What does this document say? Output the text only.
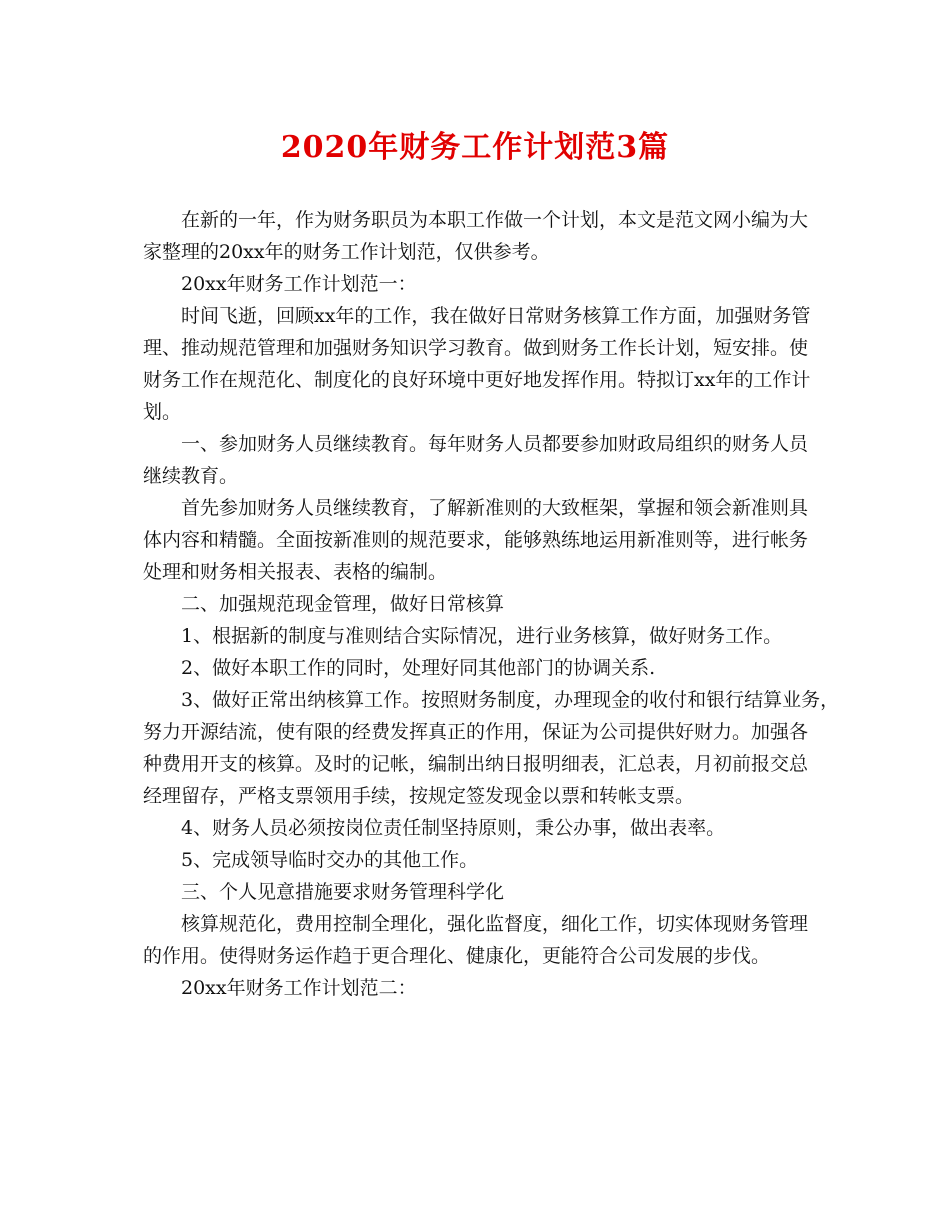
2020年财务工作计划范3篇
在新的一年，作为财务职员为本职工作做一个计划，本文是范文网小编为大
家整理的20xx年的财务工作计划范，仅供参考。
20xx年财务工作计划范一：
时间飞逝，回顾xx年的工作，我在做好日常财务核算工作方面，加强财务管
理、推动规范管理和加强财务知识学习教育。做到财务工作长计划，短安排。使
财务工作在规范化、制度化的良好环境中更好地发挥作用。特拟订xx年的工作计
划。
一、参加财务人员继续教育。每年财务人员都要参加财政局组织的财务人员
继续教育。
首先参加财务人员继续教育，了解新准则的大致框架，掌握和领会新准则具
体内容和精髓。全面按新准则的规范要求，能够熟练地运用新准则等，进行帐务
处理和财务相关报表、表格的编制。
二、加强规范现金管理，做好日常核算
1、根据新的制度与准则结合实际情况，进行业务核算，做好财务工作。
2、做好本职工作的同时，处理好同其他部门的协调关系.
3、做好正常出纳核算工作。按照财务制度，办理现金的收付和银行结算业务，
努力开源结流，使有限的经费发挥真正的作用，保证为公司提供好财力。加强各
种费用开支的核算。及时的记帐，编制出纳日报明细表，汇总表，月初前报交总
经理留存，严格支票领用手续，按规定签发现金以票和转帐支票。
4、财务人员必须按岗位责任制坚持原则，秉公办事，做出表率。
5、完成领导临时交办的其他工作。
三、个人见意措施要求财务管理科学化
核算规范化，费用控制全理化，强化监督度，细化工作，切实体现财务管理
的作用。使得财务运作趋于更合理化、健康化，更能符合公司发展的步伐。
20xx年财务工作计划范二：
